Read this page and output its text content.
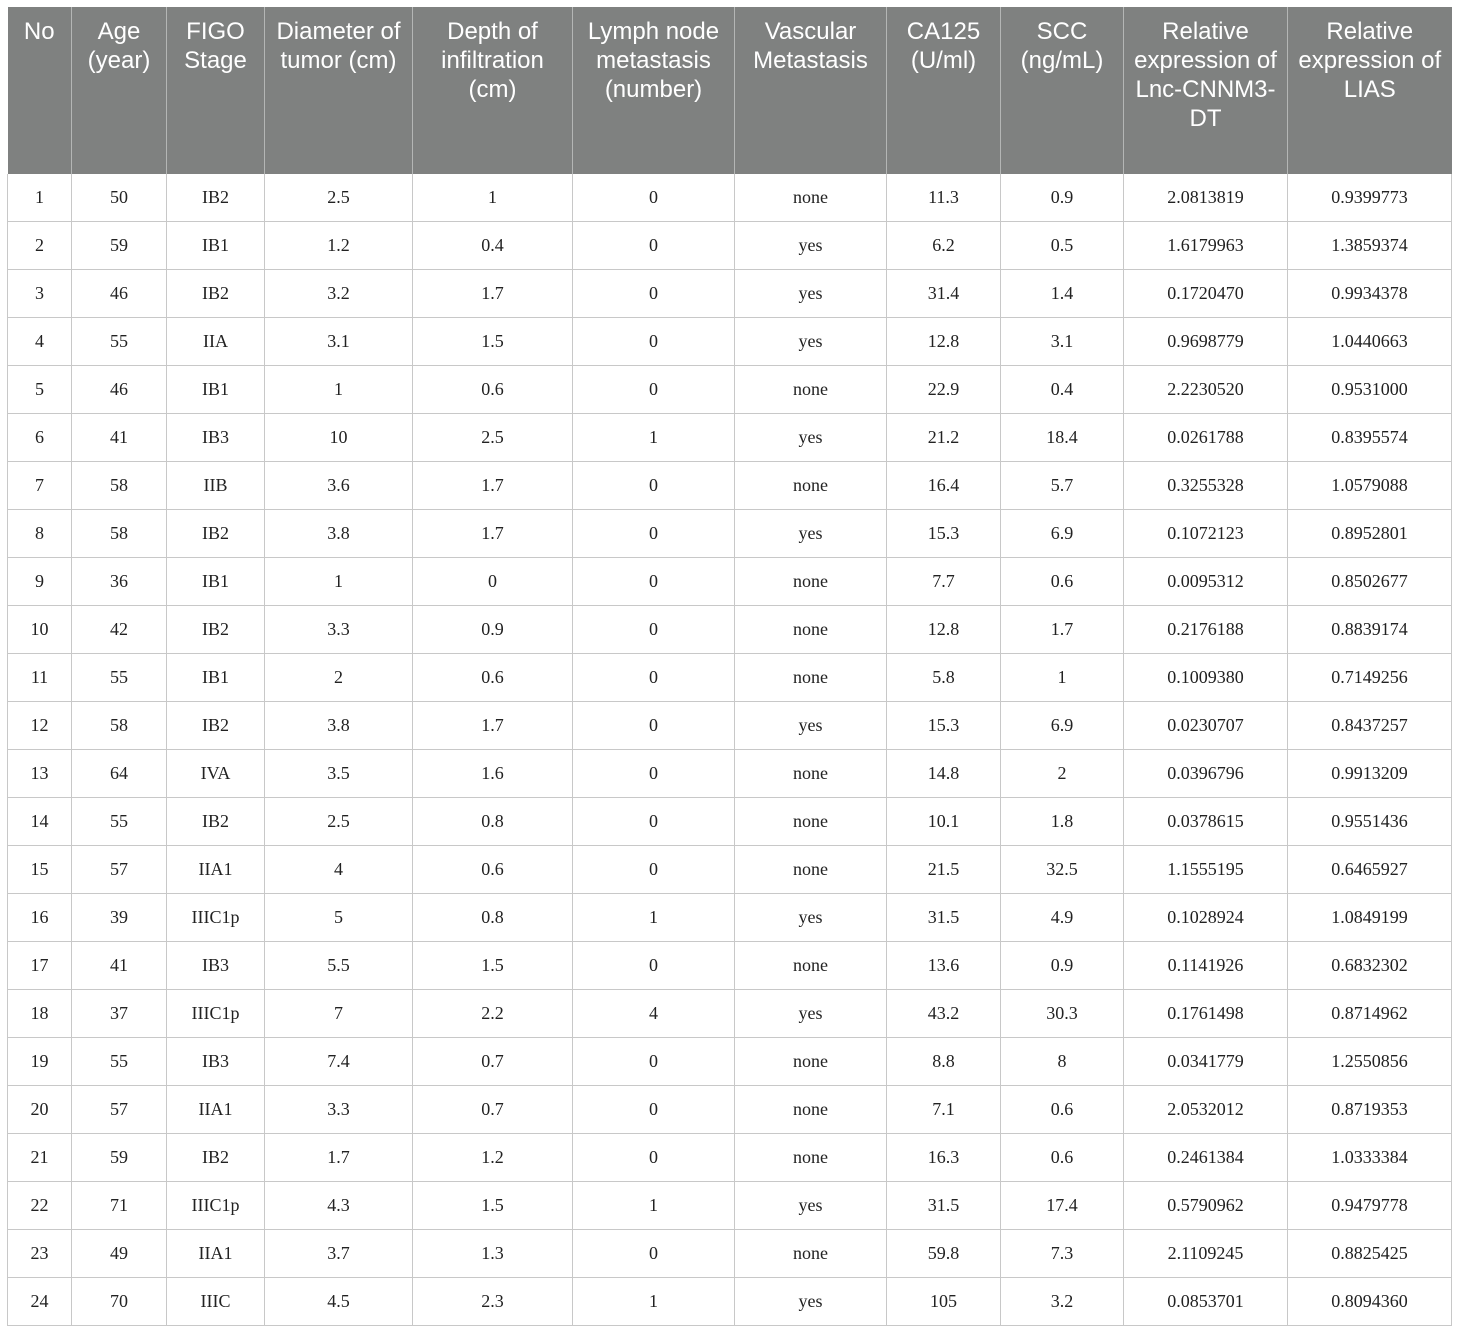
No	Age (year)	FIGO Stage	Diameter of tumor (cm)	Depth of infiltration (cm)	Lymph node metastasis (number)	Vascular Metastasis	CA125 (U/ml)	SCC (ng/mL)	Relative expression of Lnc-CNNM3-DT	Relative expression of LIAS
1	50	IB2	2.5	1	0	none	11.3	0.9	2.0813819	0.9399773
2	59	IB1	1.2	0.4	0	yes	6.2	0.5	1.6179963	1.3859374
3	46	IB2	3.2	1.7	0	yes	31.4	1.4	0.1720470	0.9934378
4	55	IIA	3.1	1.5	0	yes	12.8	3.1	0.9698779	1.0440663
5	46	IB1	1	0.6	0	none	22.9	0.4	2.2230520	0.9531000
6	41	IB3	10	2.5	1	yes	21.2	18.4	0.0261788	0.8395574
7	58	IIB	3.6	1.7	0	none	16.4	5.7	0.3255328	1.0579088
8	58	IB2	3.8	1.7	0	yes	15.3	6.9	0.1072123	0.8952801
9	36	IB1	1	0	0	none	7.7	0.6	0.0095312	0.8502677
10	42	IB2	3.3	0.9	0	none	12.8	1.7	0.2176188	0.8839174
11	55	IB1	2	0.6	0	none	5.8	1	0.1009380	0.7149256
12	58	IB2	3.8	1.7	0	yes	15.3	6.9	0.0230707	0.8437257
13	64	IVA	3.5	1.6	0	none	14.8	2	0.0396796	0.9913209
14	55	IB2	2.5	0.8	0	none	10.1	1.8	0.0378615	0.9551436
15	57	IIA1	4	0.6	0	none	21.5	32.5	1.1555195	0.6465927
16	39	IIIC1p	5	0.8	1	yes	31.5	4.9	0.1028924	1.0849199
17	41	IB3	5.5	1.5	0	none	13.6	0.9	0.1141926	0.6832302
18	37	IIIC1p	7	2.2	4	yes	43.2	30.3	0.1761498	0.8714962
19	55	IB3	7.4	0.7	0	none	8.8	8	0.0341779	1.2550856
20	57	IIA1	3.3	0.7	0	none	7.1	0.6	2.0532012	0.8719353
21	59	IB2	1.7	1.2	0	none	16.3	0.6	0.2461384	1.0333384
22	71	IIIC1p	4.3	1.5	1	yes	31.5	17.4	0.5790962	0.9479778
23	49	IIA1	3.7	1.3	0	none	59.8	7.3	2.1109245	0.8825425
24	70	IIIC	4.5	2.3	1	yes	105	3.2	0.0853701	0.8094360
